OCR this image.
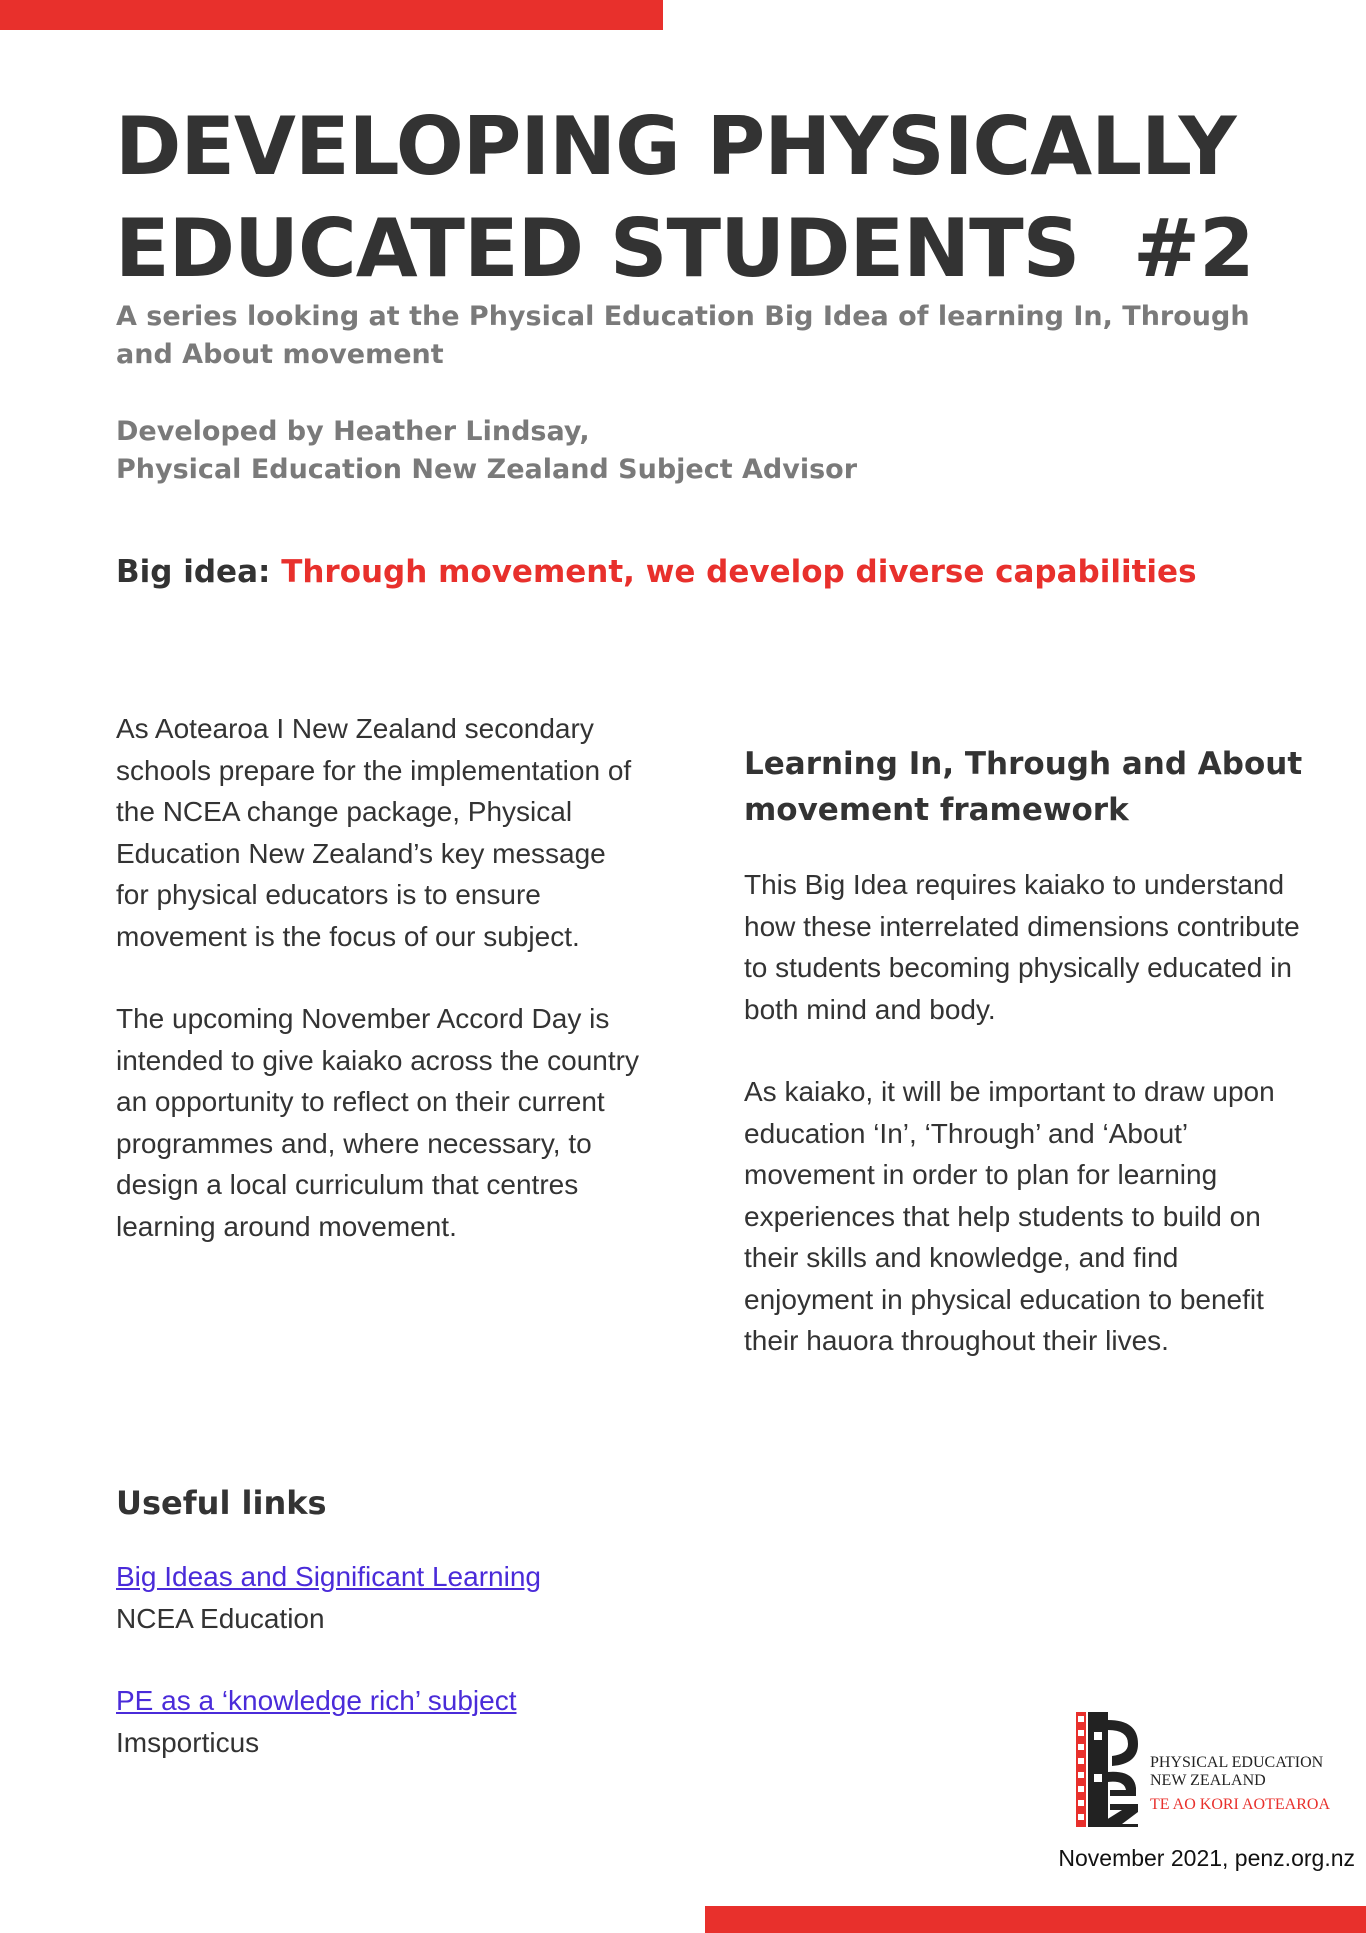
DEVELOPING PHYSICALLY
EDUCATED STUDENTS  #2

A series looking at the Physical Education Big Idea of learning In, Through and About movement

Developed by Heather Lindsay,
Physical Education New Zealand Subject Advisor

Big idea: Through movement, we develop diverse capabilities

As Aotearoa I New Zealand secondary schools prepare for the implementation of the NCEA change package, Physical Education New Zealand’s key message for physical educators is to ensure movement is the focus of our subject.

The upcoming November Accord Day is intended to give kaiako across the country an opportunity to reflect on their current programmes and, where necessary, to design a local curriculum that centres learning around movement.

Learning In, Through and About movement framework

This Big Idea requires kaiako to understand how these interrelated dimensions contribute to students becoming physically educated in both mind and body.

As kaiako, it will be important to draw upon education ‘In’, ‘Through’ and ‘About’ movement in order to plan for learning experiences that help students to build on their skills and knowledge, and find enjoyment in physical education to benefit their hauora throughout their lives.

Useful links
Big Ideas and Significant Learning
NCEA Education
PE as a ‘knowledge rich’ subject
Imsporticus
PHYSICAL EDUCATION
NEW ZEALAND
TE AO KORI AOTEAROA
November 2021, penz.org.nz
